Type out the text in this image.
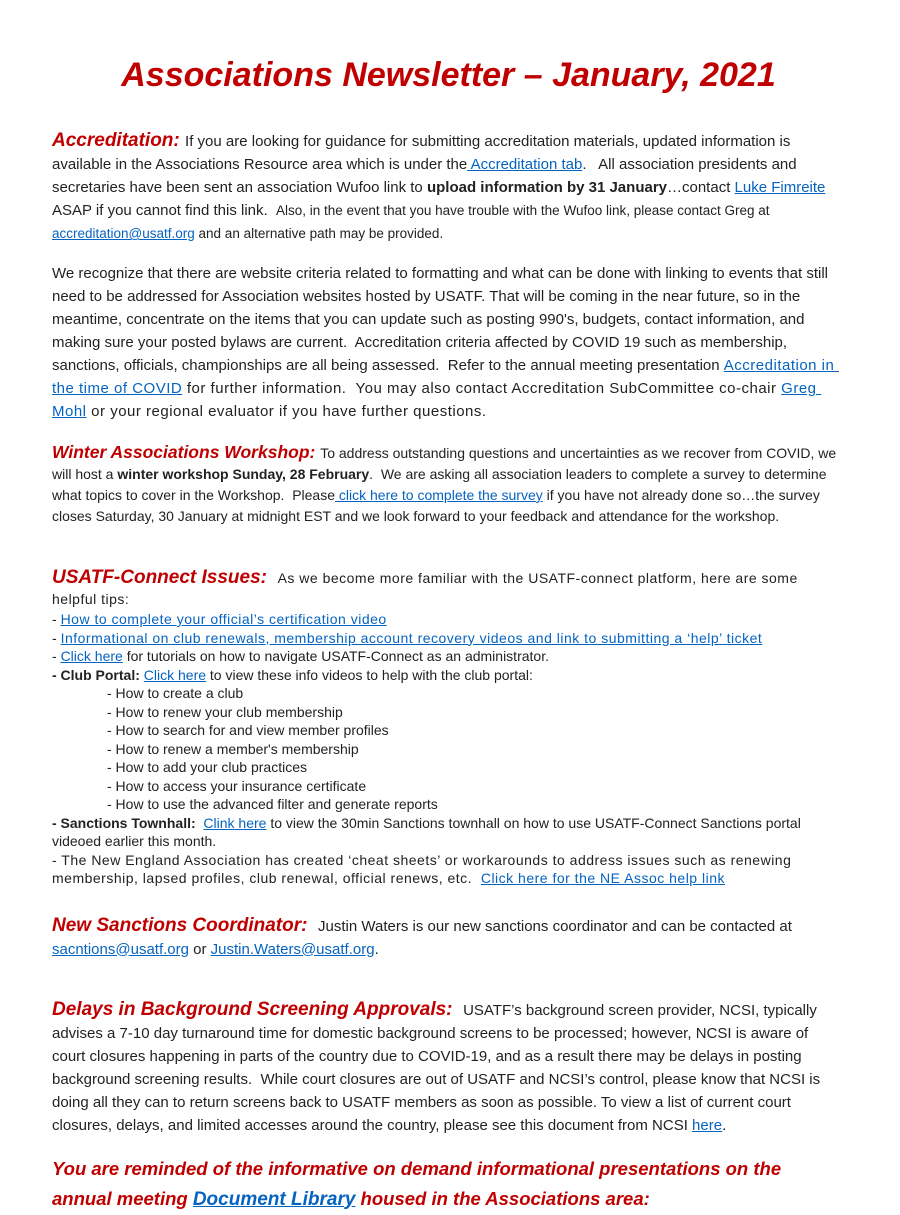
Associations Newsletter – January, 2021

Accreditation: If you are looking for guidance for submitting accreditation materials, updated information is available in the Associations Resource area which is under the Accreditation tab.   All association presidents and secretaries have been sent an association Wufoo link to upload information by 31 January…contact Luke Fimreite ASAP if you cannot find this link.  Also, in the event that you have trouble with the Wufoo link, please contact Greg at accreditation@usatf.org and an alternative path may be provided.

We recognize that there are website criteria related to formatting and what can be done with linking to events that still need to be addressed for Association websites hosted by USATF. That will be coming in the near future, so in the meantime, concentrate on the items that you can update such as posting 990's, budgets, contact information, and making sure your posted bylaws are current.  Accreditation criteria affected by COVID 19 such as membership, sanctions, officials, championships are all being assessed.  Refer to the annual meeting presentation Accreditation in the time of COVID for further information.  You may also contact Accreditation SubCommittee co-chair Greg Mohl or your regional evaluator if you have further questions.

Winter Associations Workshop: To address outstanding questions and uncertainties as we recover from COVID, we will host a winter workshop Sunday, 28 February.  We are asking all association leaders to complete a survey to determine what topics to cover in the Workshop.  Please click here to complete the survey if you have not already done so…the survey closes Saturday, 30 January at midnight EST and we look forward to your feedback and attendance for the workshop.

USATF-Connect Issues:  As we become more familiar with the USATF-connect platform, here are some helpful tips:

- How to complete your official’s certification video
- Informational on club renewals, membership account recovery videos and link to submitting a ‘help’ ticket
- Click here for tutorials on how to navigate USATF-Connect as an administrator.
- Club Portal: Click here to view these info videos to help with the club portal:
- How to create a club
- How to renew your club membership
- How to search for and view member profiles
- How to renew a member's membership
- How to add your club practices
- How to access your insurance certificate
- How to use the advanced filter and generate reports
- Sanctions Townhall:  Clink here to view the 30min Sanctions townhall on how to use USATF-Connect Sanctions portal videoed earlier this month.
- The New England Association has created ‘cheat sheets’ or workarounds to address issues such as renewing membership, lapsed profiles, club renewal, official renews, etc.  Click here for the NE Assoc help link

New Sanctions Coordinator:  Justin Waters is our new sanctions coordinator and can be contacted at sacntions@usatf.org or Justin.Waters@usatf.org.

Delays in Background Screening Approvals:  USATF’s background screen provider, NCSI, typically advises a 7-10 day turnaround time for domestic background screens to be processed; however, NCSI is aware of court closures happening in parts of the country due to COVID-19, and as a result there may be delays in posting background screening results.  While court closures are out of USATF and NCSI’s control, please know that NCSI is doing all they can to return screens back to USATF members as soon as possible. To view a list of current court closures, delays, and limited accesses around the country, please see this document from NCSI here.

You are reminded of the informative on demand informational presentations on the annual meeting Document Library housed in the Associations area:
